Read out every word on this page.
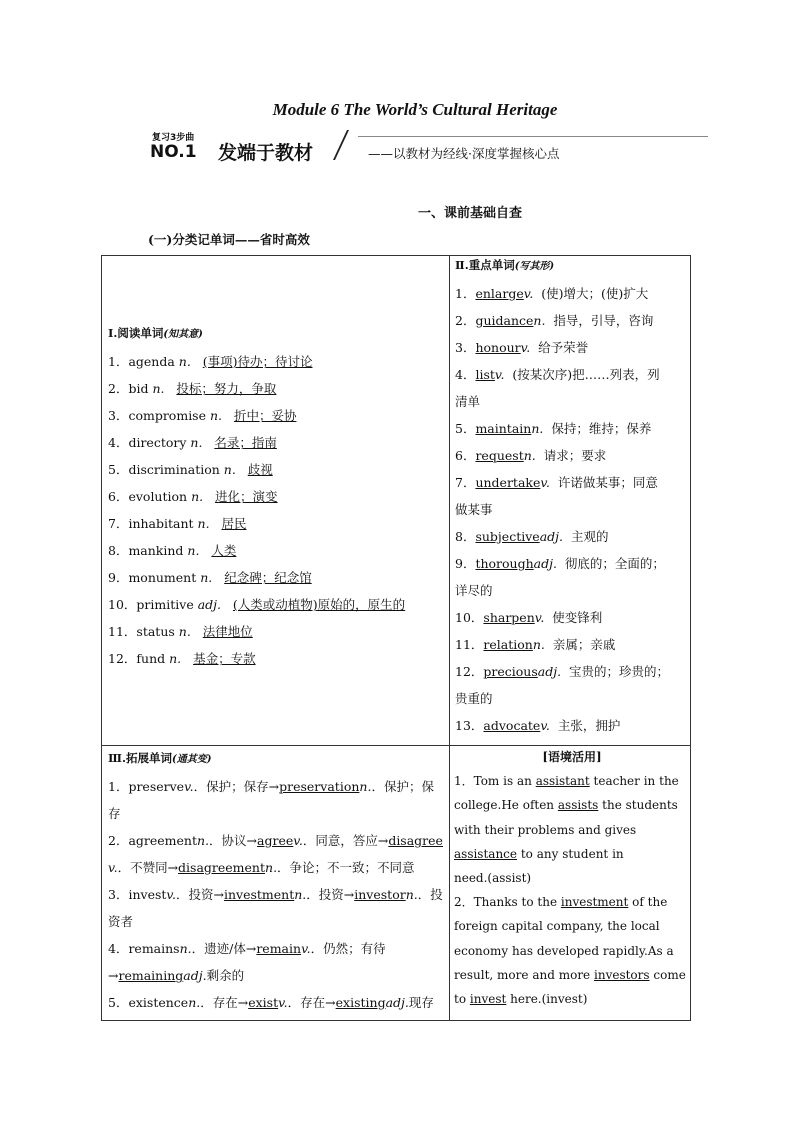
Module 6 The World’s Cultural Heritage
复习3步曲
NO.1 发端于教材	——以教材为经线·深度掌握核心点
一、课前基础自查
(一)分类记单词——省时高效
Ⅰ.阅读单词(知其意)
1．agenda n. (事项)待办；待讨论
2．bid n. 投标；努力，争取
3．compromise n. 折中；妥协
4．directory n. 名录；指南
5．discrimination n. 歧视
6．evolution n. 进化；演变
7．inhabitant n. 居民
8．mankind n. 人类
9．monument n. 纪念碑；纪念馆
10．primitive adj. (人类或动植物)原始的，原生的
11．status n. 法律地位
12．fund n. 基金；专款
Ⅱ.重点单词(写其形)
1．enlargev. (使)增大；(使)扩大
2．guidancen. 指导，引导，咨询
3．honourv. 给予荣誉
4．listv. (按某次序)把……列表，列
清单
5．maintainn. 保持；维持；保养
6．requestn. 请求；要求
7．undertakev. 许诺做某事；同意
做某事
8．subjectiveadj. 主观的
9．thoroughadj. 彻底的；全面的；
详尽的
10．sharpenv. 使变锋利
11．relationn. 亲属；亲戚
12．preciousadj. 宝贵的；珍贵的；
贵重的
13．advocatev. 主张，拥护
Ⅲ.拓展单词(通其变)
1．preservev.．保护；保存→preservationn.．保护；保
存
2．agreementn.．协议→agreev.．同意，答应→disagree
v.．不赞同→disagreementn.．争论；不一致；不同意
3．investv.．投资→investmentn.．投资→investorn.．投
资者
4．remainsn.．遗迹/体→remainv.．仍然；有待
→remainingadj.剩余的
5．existencen.．存在→existv.．存在→existingadj.现存
[语境活用]
1．Tom is an assistant teacher in the
college.He often assists the students
with their problems and gives
assistance to any student in
need.(assist)
2．Thanks to the investment of the
foreign capital company, the local
economy has developed rapidly.As a
result, more and more investors come
to invest here.(invest)
